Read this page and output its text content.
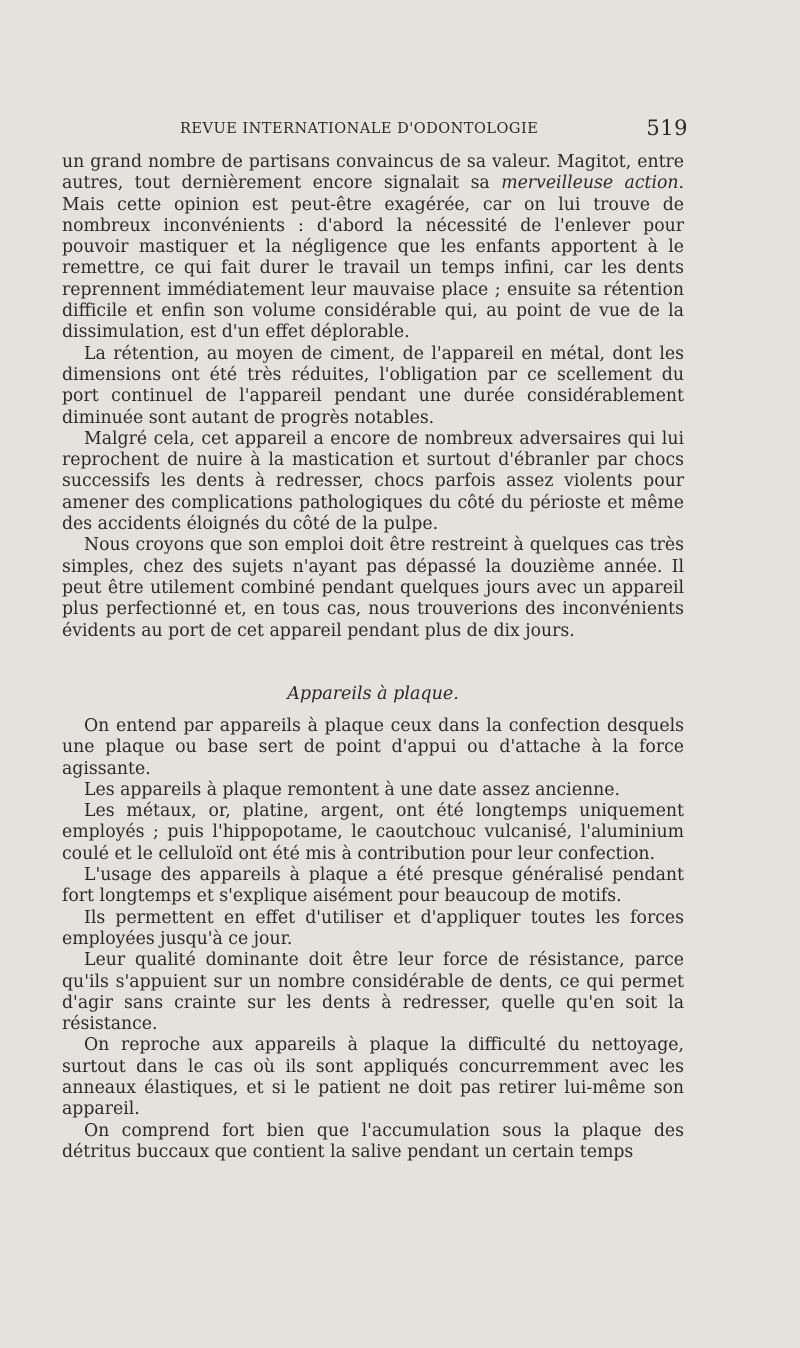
REVUE INTERNATIONALE D'ODONTOLOGIE	519

un grand nombre de partisans convaincus de sa valeur. Magitot, entre autres, tout dernièrement encore signalait sa merveilleuse action. Mais cette opinion est peut-être exagérée, car on lui trouve de nombreux inconvénients : d'abord la nécessité de l'enlever pour pouvoir mastiquer et la négligence que les enfants apportent à le remettre, ce qui fait durer le travail un temps infini, car les dents reprennent immédiatement leur mauvaise place ; ensuite sa rétention difficile et enfin son volume considérable qui, au point de vue de la dissimulation, est d'un effet déplorable.

La rétention, au moyen de ciment, de l'appareil en métal, dont les dimensions ont été très réduites, l'obligation par ce scellement du port continuel de l'appareil pendant une durée considérablement diminuée sont autant de progrès notables.

Malgré cela, cet appareil a encore de nombreux adversaires qui lui reprochent de nuire à la mastication et surtout d'ébranler par chocs successifs les dents à redresser, chocs parfois assez violents pour amener des complications pathologiques du côté du périoste et même des accidents éloignés du côté de la pulpe.

Nous croyons que son emploi doit être restreint à quelques cas très simples, chez des sujets n'ayant pas dépassé la douzième année. Il peut être utilement combiné pendant quelques jours avec un appareil plus perfectionné et, en tous cas, nous trouverions des inconvénients évidents au port de cet appareil pendant plus de dix jours.

Appareils à plaque.

On entend par appareils à plaque ceux dans la confection desquels une plaque ou base sert de point d'appui ou d'attache à la force agissante.

Les appareils à plaque remontent à une date assez ancienne.

Les métaux, or, platine, argent, ont été longtemps uniquement employés ; puis l'hippopotame, le caoutchouc vulcanisé, l'aluminium coulé et le celluloïd ont été mis à contribution pour leur confection.

L'usage des appareils à plaque a été presque généralisé pendant fort longtemps et s'explique aisément pour beaucoup de motifs.

Ils permettent en effet d'utiliser et d'appliquer toutes les forces employées jusqu'à ce jour.

Leur qualité dominante doit être leur force de résistance, parce qu'ils s'appuient sur un nombre considérable de dents, ce qui permet d'agir sans crainte sur les dents à redresser, quelle qu'en soit la résistance.

On reproche aux appareils à plaque la difficulté du nettoyage, surtout dans le cas où ils sont appliqués concurremment avec les anneaux élastiques, et si le patient ne doit pas retirer lui-même son appareil.

On comprend fort bien que l'accumulation sous la plaque des détritus buccaux que contient la salive pendant un certain temps
